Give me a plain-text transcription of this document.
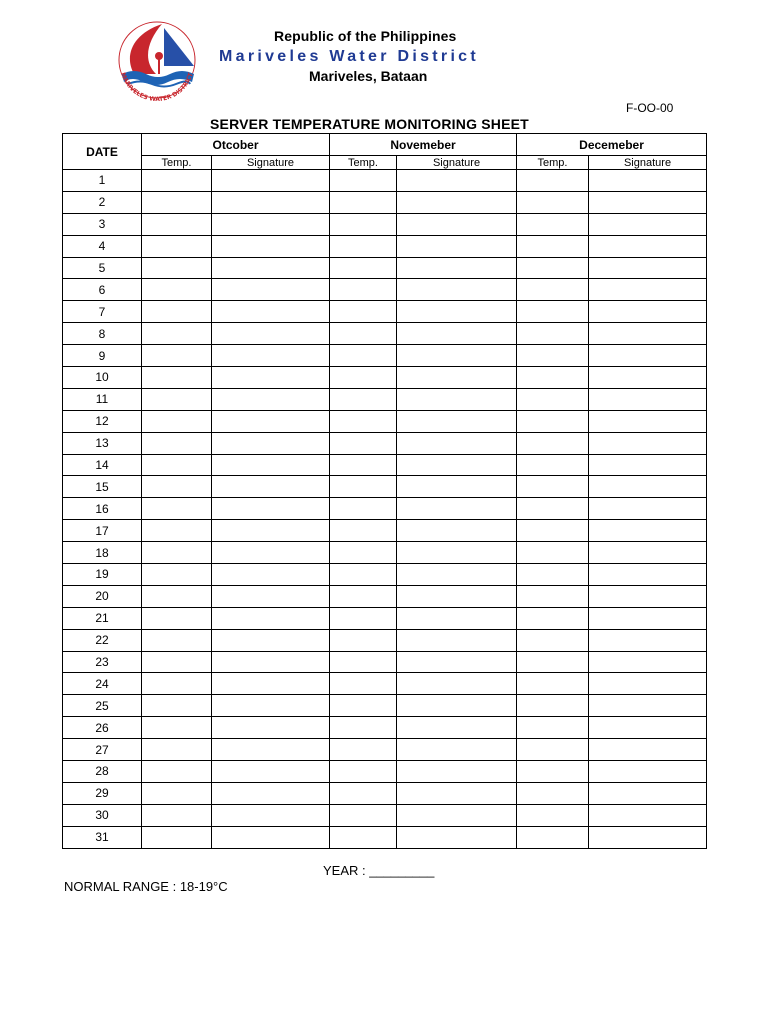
MARIVELES WATER DISTRICT
Republic of the Philippines
Mariveles Water District
Mariveles, Bataan
F-OO-00
SERVER TEMPERATURE MONITORING SHEET
DATE	Otcober		Novemeber		Decemeber	
	Temp.	Signature	Temp.	Signature	Temp.	Signature
1						
2						
3						
4						
5						
6						
7						
8						
9						
10						
11						
12						
13						
14						
15						
16						
17						
18						
19						
20						
21						
22						
23						
24						
25						
26						
27						
28						
29						
30						
31						
YEAR : _________
NORMAL RANGE : 18-19°C
